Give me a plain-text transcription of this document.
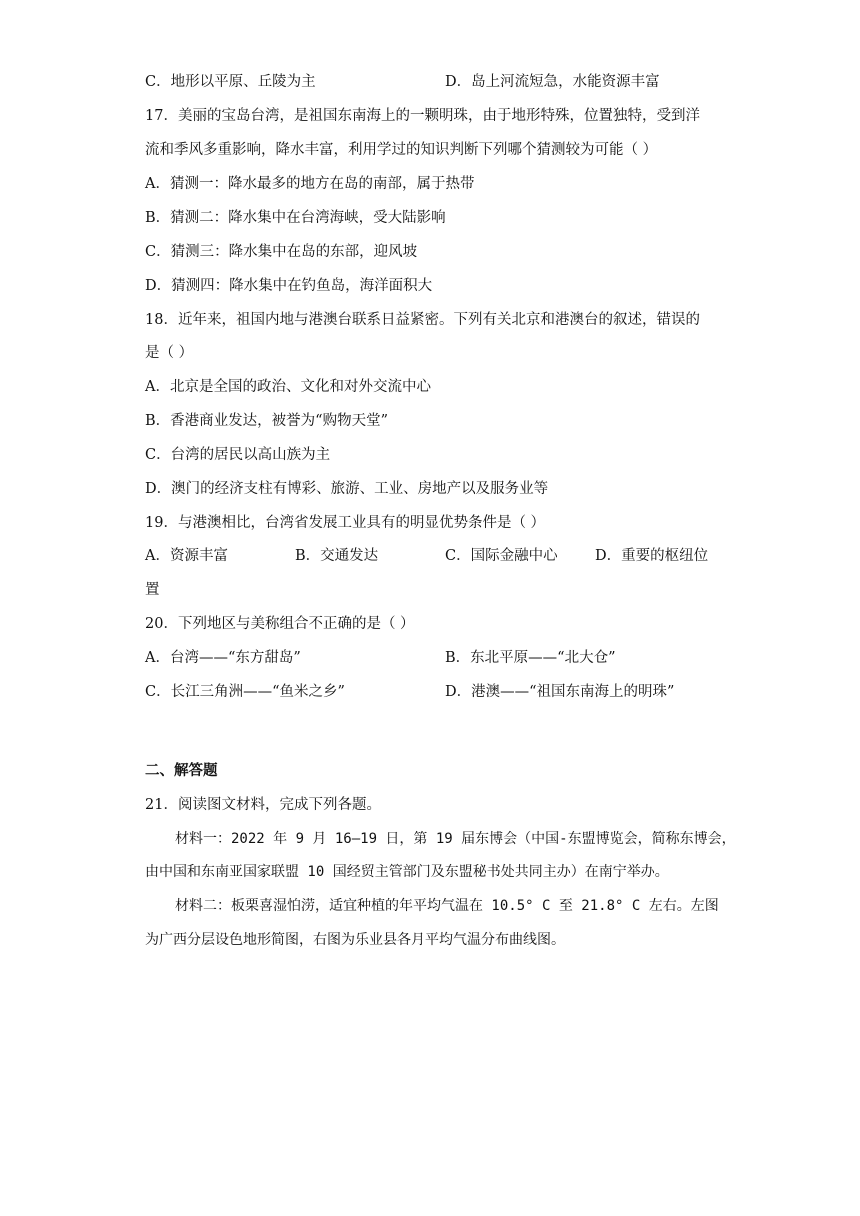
C．地形以平原、丘陵为主	D．岛上河流短急，水能资源丰富
17．美丽的宝岛台湾，是祖国东南海上的一颗明珠，由于地形特殊，位置独特，受到洋
流和季风多重影响，降水丰富，利用学过的知识判断下列哪个猜测较为可能（ ）
A．猜测一：降水最多的地方在岛的南部，属于热带
B．猜测二：降水集中在台湾海峡，受大陆影响
C．猜测三：降水集中在岛的东部，迎风坡
D．猜测四：降水集中在钓鱼岛，海洋面积大
18．近年来，祖国内地与港澳台联系日益紧密。下列有关北京和港澳台的叙述，错误的
是（ ）
A．北京是全国的政治、文化和对外交流中心
B．香港商业发达，被誉为“购物天堂”
C．台湾的居民以高山族为主
D．澳门的经济支柱有博彩、旅游、工业、房地产以及服务业等
19．与港澳相比，台湾省发展工业具有的明显优势条件是（ ）
A．资源丰富	B．交通发达	C．国际金融中心	D．重要的枢纽位
置
20．下列地区与美称组合不正确的是（ ）
A．台湾——“东方甜岛”	B．东北平原——“北大仓”
C．长江三角洲——“鱼米之乡”	D．港澳——“祖国东南海上的明珠”
二、解答题
21．阅读图文材料，完成下列各题。
材料一：2022 年 9 月 16—19 日，第 19 届东博会（中国-东盟博览会，简称东博会，
由中国和东南亚国家联盟 10 国经贸主管部门及东盟秘书处共同主办）在南宁举办。
材料二：板栗喜湿怕涝，适宜种植的年平均气温在 10.5° C 至 21.8° C 左右。左图
为广西分层设色地形简图，右图为乐业县各月平均气温分布曲线图。
